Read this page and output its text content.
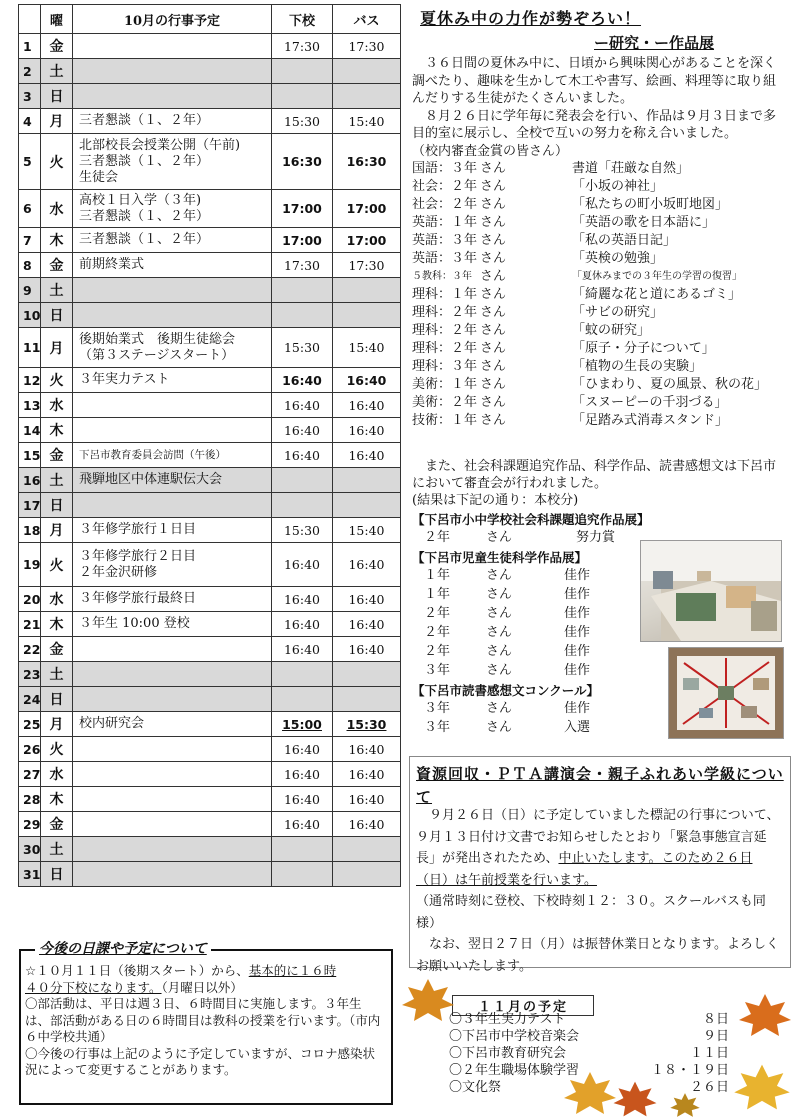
	曜	10月の行事予定	下校	バス
1	金		17:30	17:30
2	土			
3	日			
4	月	三者懇談（１、２年）	15:30	15:40
5	火	北部校長会授業公開（午前)
三者懇談（１、２年）
生徒会	16:30	16:30
6	水	高校１日入学（３年)
三者懇談（１、２年）	17:00	17:00
7	木	三者懇談（１、２年）	17:00	17:00
8	金	前期終業式	17:30	17:30
9	土			
10	日			
11	月	後期始業式　後期生徒総会
（第３ステージスタート）	15:30	15:40
12	火	３年実力テスト	16:40	16:40
13	水		16:40	16:40
14	木		16:40	16:40
15	金	下呂市教育委員会訪問（午後）	16:40	16:40
16	土	飛騨地区中体連駅伝大会		

17	日			
18	月	３年修学旅行１日目	15:30	15:40
19	火	３年修学旅行２日目
２年金沢研修	16:40	16:40
20	水	３年修学旅行最終日	16:40	16:40
21	木	３年生 10:00 登校	16:40	16:40
22	金		16:40	16:40
23	土			
24	日			
25	月	校内研究会	15:00	15:30
26	火		16:40	16:40
27	水		16:40	16:40
28	木		16:40	16:40
29	金		16:40	16:40
30	土			
31	日			
今後の日課や予定について

☆１０月１１日（後期スタート）から、基本的に１６時
４０分下校になります。（月曜日以外）

〇部活動は、平日は週３日、６時間目に実施します。３年生は、部活動がある日の６時間目は教科の授業を行います。（市内６中学校共通）

〇今後の行事は上記のように予定していますが、コロナ感染状況によって変更することがあります。

夏休み中の力作が勢ぞろい！
ー研究・ー作品展

３６日間の夏休み中に、日頃から興味関心があることを深く調べたり、趣味を生かして木工や書写、絵画、料理等に取り組んだりする生徒がたくさんいました。

８月２６日に学年毎に発表会を行い、作品は９月３日まで多目的室に展示し、全校で互いの努力を称え合いました。

（校内審査金賞の皆さん）

国語：３年 さん	書道「荘厳な自然」
社会：２年 さん	「小坂の神社」
社会：２年 さん	「私たちの町小坂町地図」
英語：１年 さん	「英語の歌を日本語に」
英語：３年 さん	「私の英語日記」
英語：３年 さん	「英検の勉強」
５教科：３年 さん	「夏休みまでの３年生の学習の復習」
理科：１年 さん	「綺麗な花と道にあるゴミ」
理科：２年 さん	「サビの研究」
理科：２年 さん	「蚊の研究」
理科：２年 さん	「原子・分子について」
理科：３年 さん	「植物の生長の実験」
美術：１年 さん	「ひまわり、夏の風景、秋の花」
美術：２年 さん	「スヌーピーの千羽づる」
技術：１年 さん	「足踏み式消毒スタンド」

また、社会科課題追究作品、科学作品、読書感想文は下呂市において審査会が行われました。

(結果は下記の通り：本校分)

【下呂市小中学校社会科課題追究作品展】

２年	さん	努力賞

【下呂市児童生徒科学作品展】

１年	さん	佳作
１年	さん	佳作
２年	さん	佳作
２年	さん	佳作
２年	さん	佳作
３年	さん	佳作

【下呂市読書感想文コンクール】

３年	さん	佳作
３年	さん	入選
資源回収・ＰＴＡ講演会・親子ふれあい学級について

９月２６日（日）に予定していました標記の行事について、９月１３日付け文書でお知らせしたとおり「緊急事態宣言延長」が発出されたため、中止いたします。このため２６日（日）は午前授業を行います。

（通常時刻に登校、下校時刻１２：３０。スクールバスも同様）

なお、翌日２７日（月）は振替休業日となります。よろしくお願いいたします。

１１月の予定
〇３年生実力テスト	８日
〇下呂市中学校音楽会	９日
〇下呂市教育研究会	１１日
〇２年生職場体験学習	１８・１９日
〇文化祭	２６日
